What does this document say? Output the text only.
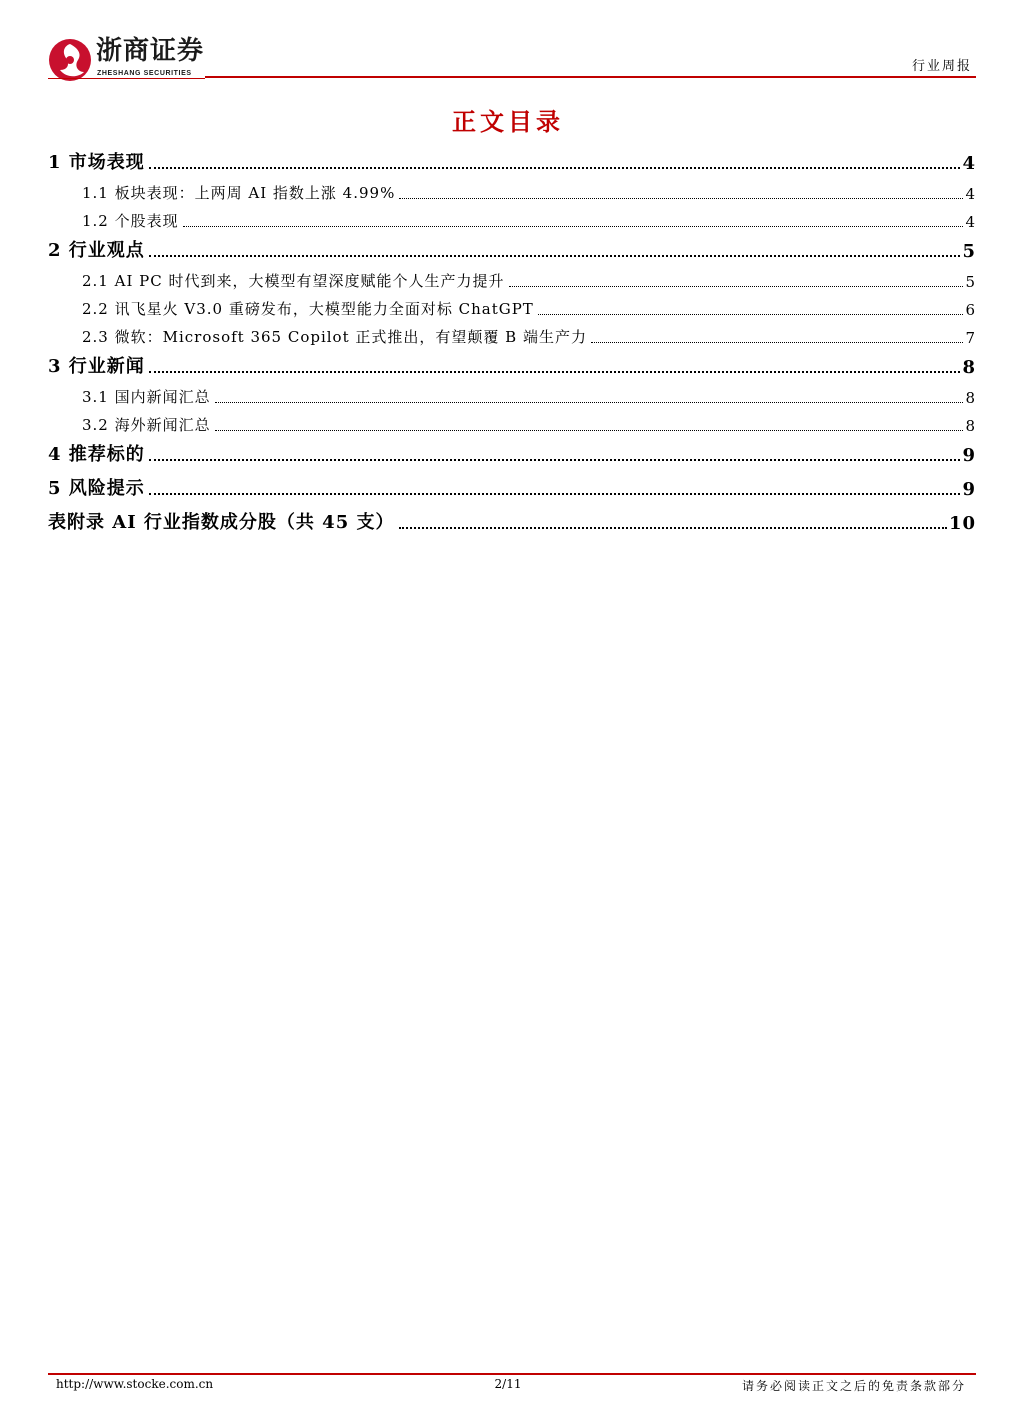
浙商证券
ZHESHANG SECURITIES	行业周报
正文目录
1 市场表现	4
1.1 板块表现：上两周 AI 指数上涨 4.99%	4
1.2 个股表现	4
2 行业观点	5
2.1 AI PC 时代到来，大模型有望深度赋能个人生产力提升	5
2.2 讯飞星火 V3.0 重磅发布，大模型能力全面对标 ChatGPT	6
2.3 微软：Microsoft 365 Copilot 正式推出，有望颠覆 B 端生产力	7
3 行业新闻	8
3.1 国内新闻汇总	8
3.2 海外新闻汇总	8
4 推荐标的	9
5 风险提示	9
表附录 AI 行业指数成分股（共 45 支）	10
http://www.stocke.com.cn	2/11	请务必阅读正文之后的免责条款部分
